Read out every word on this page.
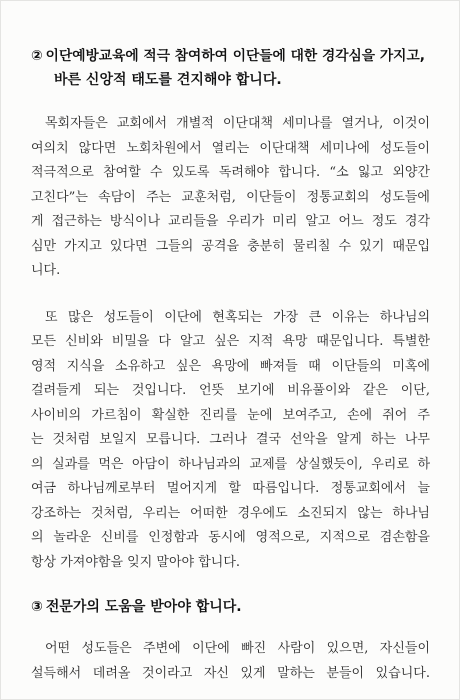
② 이단예방교육에 적극 참여하여 이단들에 대한 경각심을 가지고,
바른 신앙적 태도를 견지해야 합니다.

목회자들은 교회에서 개별적 이단대책 세미나를 열거나, 이것이
여의치 않다면 노회차원에서 열리는 이단대책 세미나에 성도들이
적극적으로 참여할 수 있도록 독려해야 합니다. “소 잃고 외양간
고친다”는 속담이 주는 교훈처럼, 이단들이 정통교회의 성도들에
게 접근하는 방식이나 교리들을 우리가 미리 알고 어느 정도 경각
심만 가지고 있다면 그들의 공격을 충분히 물리칠 수 있기 때문입
니다.

또 많은 성도들이 이단에 현혹되는 가장 큰 이유는 하나님의
모든 신비와 비밀을 다 알고 싶은 지적 욕망 때문입니다. 특별한
영적 지식을 소유하고 싶은 욕망에 빠져들 때 이단들의 미혹에
걸려들게 되는 것입니다. 언뜻 보기에 비유풀이와 같은 이단,
사이비의 가르침이 확실한 진리를 눈에 보여주고, 손에 쥐어 주
는 것처럼 보일지 모릅니다. 그러나 결국 선악을 알게 하는 나무
의 실과를 먹은 아담이 하나님과의 교제를 상실했듯이, 우리로 하
여금 하나님께로부터 멀어지게 할 따름입니다. 정통교회에서 늘
강조하는 것처럼, 우리는 어떠한 경우에도 소진되지 않는 하나님
의 놀라운 신비를 인정함과 동시에 영적으로, 지적으로 겸손함을
항상 가져야함을 잊지 말아야 합니다.

③ 전문가의 도움을 받아야 합니다.

어떤 성도들은 주변에 이단에 빠진 사람이 있으면, 자신들이
설득해서 데려올 것이라고 자신 있게 말하는 분들이 있습니다.
